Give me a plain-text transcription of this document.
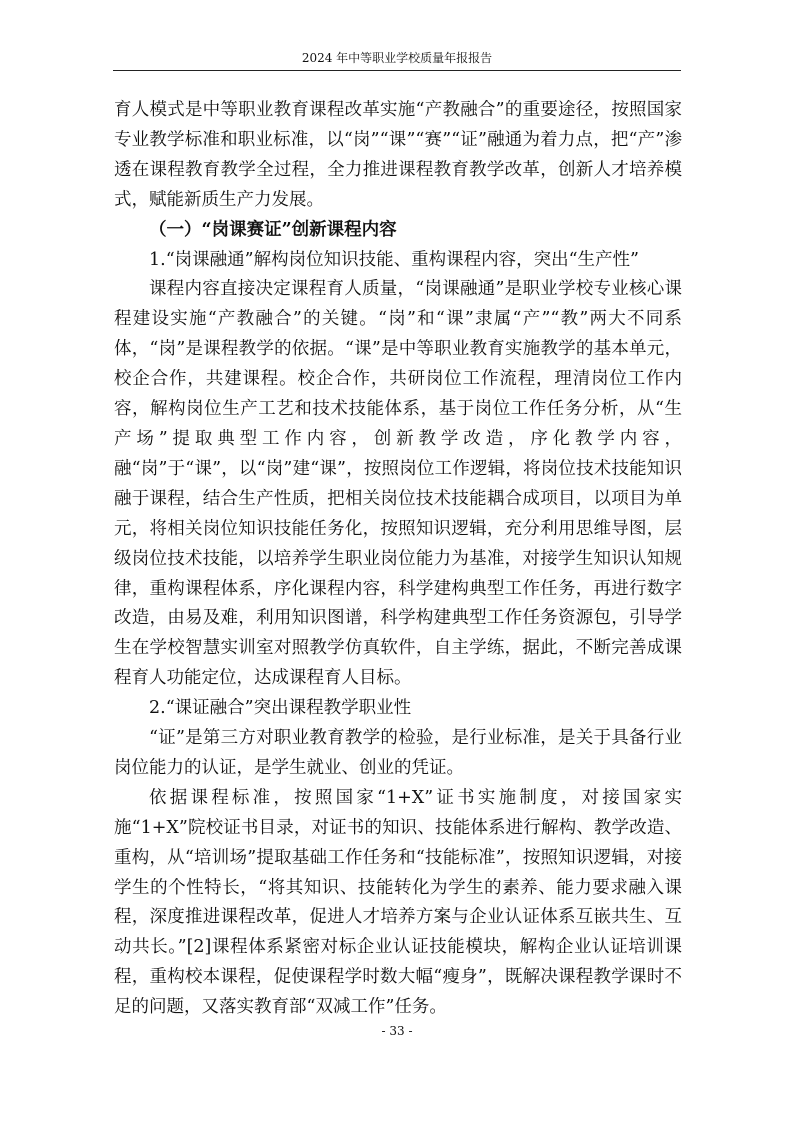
2024 年中等职业学校质量年报报告

育人模式是中等职业教育课程改革实施“产教融合”的重要途径，按照国家专业教学标准和职业标准，以“岗”“课”“赛”“证”融通为着力点，把“产”渗透在课程教育教学全过程，全力推进课程教育教学改革，创新人才培养模式，赋能新质生产力发展。

（一）“岗课赛证”创新课程内容

1.“岗课融通”解构岗位知识技能、重构课程内容，突出“生产性”

课程内容直接决定课程育人质量，“岗课融通”是职业学校专业核心课程建设实施“产教融合”的关键。“岗”和“课”隶属“产”“教”两大不同系体，“岗”是课程教学的依据。“课”是中等职业教育实施教学的基本单元，校企合作，共建课程。校企合作，共研岗位工作流程，理清岗位工作内容，解构岗位生产工艺和技术技能体系，基于岗位工作任务分析，从“生产场”提取典型工作内容，创新教学改造，序化教学内容，融“岗”于“课”，以“岗”建“课”，按照岗位工作逻辑，将岗位技术技能知识融于课程，结合生产性质，把相关岗位技术技能耦合成项目，以项目为单元，将相关岗位知识技能任务化，按照知识逻辑，充分利用思维导图，层级岗位技术技能，以培养学生职业岗位能力为基准，对接学生知识认知规律，重构课程体系，序化课程内容，科学建构典型工作任务，再进行数字改造，由易及难，利用知识图谱，科学构建典型工作任务资源包，引导学生在学校智慧实训室对照教学仿真软件，自主学练，据此，不断完善成课程育人功能定位，达成课程育人目标。

2.“课证融合”突出课程教学职业性

“证”是第三方对职业教育教学的检验，是行业标准，是关于具备行业岗位能力的认证，是学生就业、创业的凭证。

依据课程标准，按照国家“1+X”证书实施制度，对接国家实施“1+X”院校证书目录，对证书的知识、技能体系进行解构、教学改造、重构，从“培训场”提取基础工作任务和“技能标准”，按照知识逻辑，对接学生的个性特长，“将其知识、技能转化为学生的素养、能力要求融入课程，深度推进课程改革，促进人才培养方案与企业认证体系互嵌共生、互动共长。”[2]课程体系紧密对标企业认证技能模块，解构企业认证培训课程，重构校本课程，促使课程学时数大幅“瘦身”，既解决课程教学课时不足的问题，又落实教育部“双减工作”任务。

- 33 -
